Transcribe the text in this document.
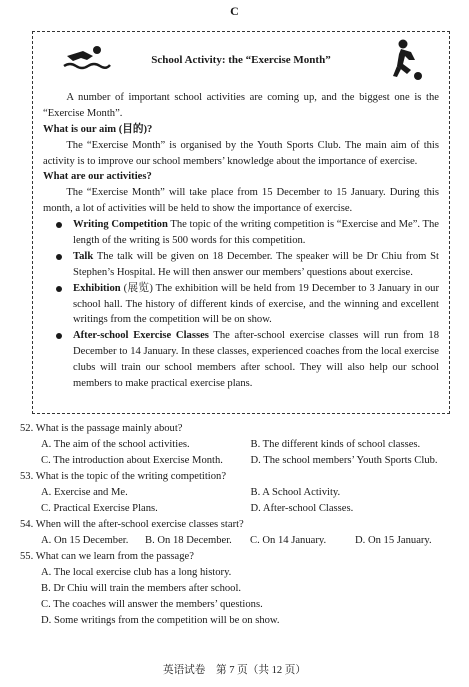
C
School Activity: the “Exercise Month”

A number of important school activities are coming up, and the biggest one is the “Exercise Month”.

What is our aim (目的)?

The “Exercise Month” is organised by the Youth Sports Club. The main aim of this activity is to improve our school members’ knowledge about the importance of exercise.

What are our activities?

The “Exercise Month” will take place from 15 December to 15 January. During this month, a lot of activities will be held to show the importance of exercise.

Writing Competition The topic of the writing competition is “Exercise and Me”. The length of the writing is 500 words for this competition.
Talk The talk will be given on 18 December. The speaker will be Dr Chiu from St Stephen’s Hospital. He will then answer our members’ questions about exercise.
Exhibition (展览) The exhibition will be held from 19 December to 3 January in our school hall. The history of different kinds of exercise, and the winning and excellent writings from the competition will be on show.
After-school Exercise Classes The after-school exercise classes will run from 18 December to 14 January. In these classes, experienced coaches from the local exercise clubs will train our school members after school. They will also help our school members to make practical exercise plans.
52. What is the passage mainly about?
A. The aim of the school activities.	B. The different kinds of school classes.
C. The introduction about Exercise Month.	D. The school members’ Youth Sports Club.
53. What is the topic of the writing competition?
A. Exercise and Me.	B. A School Activity.
C. Practical Exercise Plans.	D. After-school Classes.
54. When will the after-school exercise classes start?
A. On 15 December.	B. On 18 December.	C. On 14 January.	D. On 15 January.
55. What can we learn from the passage?
A. The local exercise club has a long history.
B. Dr Chiu will train the members after school.
C. The coaches will answer the members’ questions.
D. Some writings from the competition will be on show.
英语试卷　第 7 页（共 12 页）
